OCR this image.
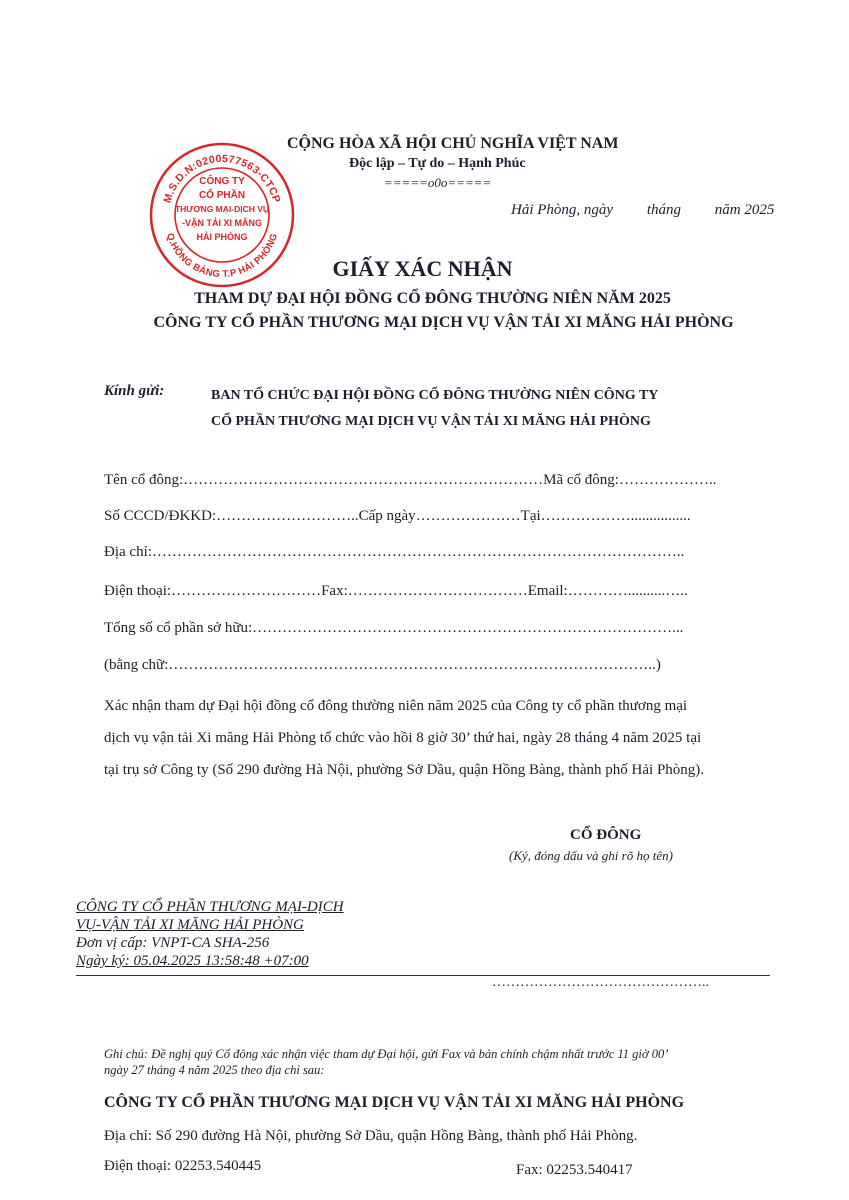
CỘNG HÒA XÃ HỘI CHỦ NGHĨA VIỆT NAM
Độc lập – Tự do – Hạnh Phúc
=====o0o=====
Hải Phòng, ngày         tháng         năm 2025
M.S.D.N:0200577563-CTCP
Q.HỒNG BÀNG T.P HẢI PHÒNG
CÔNG TY
CỔ PHẦN
THƯƠNG MẠI-DỊCH VỤ
-VẬN TẢI XI MĂNG
HẢI PHÒNG
GIẤY XÁC NHẬN
THAM DỰ ĐẠI HỘI ĐỒNG CỔ ĐÔNG THƯỜNG NIÊN NĂM 2025
CÔNG TY CỔ PHẦN THƯƠNG MẠI DỊCH VỤ VẬN TẢI XI MĂNG HẢI PHÒNG
Kính gửi:	BAN TỔ CHỨC ĐẠI HỘI ĐỒNG CỔ ĐÔNG THƯỜNG NIÊN CÔNG TY
CỔ PHẦN THƯƠNG MẠI DỊCH VỤ VẬN TẢI XI MĂNG HẢI PHÒNG
Tên cổ đông:………………………………………………………………Mã cổ đông:………………..
Số CCCD/ĐKKD:………………………..Cấp ngày…………………Tại………………................
Địa chỉ:……………………………………………………………………………………………..
Điện thoại:…………………………Fax:………………………………Email:…………..........…..
Tổng số cổ phần sở hữu:…………………………………………………………………………...
(bằng chữ:……………………………………………………………………………………..)
Xác nhận tham dự Đại hội đồng cổ đông thường niên năm 2025 của Công ty cổ phần thương mại
dịch vụ vận tải Xi măng Hải Phòng tổ chức vào hồi 8 giờ 30’ thứ hai, ngày 28 tháng 4 năm 2025 tại
tại trụ sở Công ty (Số 290 đường Hà Nội, phường Sở Dầu, quận Hồng Bàng, thành phố Hải Phòng).
CỔ ĐÔNG
(Ký, đóng dấu và ghi rõ họ tên)
CÔNG TY CỔ PHẦN THƯƠNG MẠI-DỊCH
VỤ-VẬN TẢI XI MĂNG HẢI PHÒNG
Đơn vị cấp: VNPT-CA SHA-256
Ngày ký: 05.04.2025 13:58:48 +07:00
………………………………………..
Ghi chú: Đề nghị quý Cổ đông xác nhận việc tham dự Đại hội, gửi Fax và bản chính chậm nhất trước 11 giờ 00’
ngày 27 tháng 4 năm 2025 theo địa chỉ sau:
CÔNG TY CỔ PHẦN THƯƠNG MẠI DỊCH VỤ VẬN TẢI XI MĂNG HẢI PHÒNG
Địa chỉ: Số 290 đường Hà Nội, phường Sở Dầu, quận Hồng Bàng, thành phố Hải Phòng.
Điện thoại: 02253.540445	Fax: 02253.540417
